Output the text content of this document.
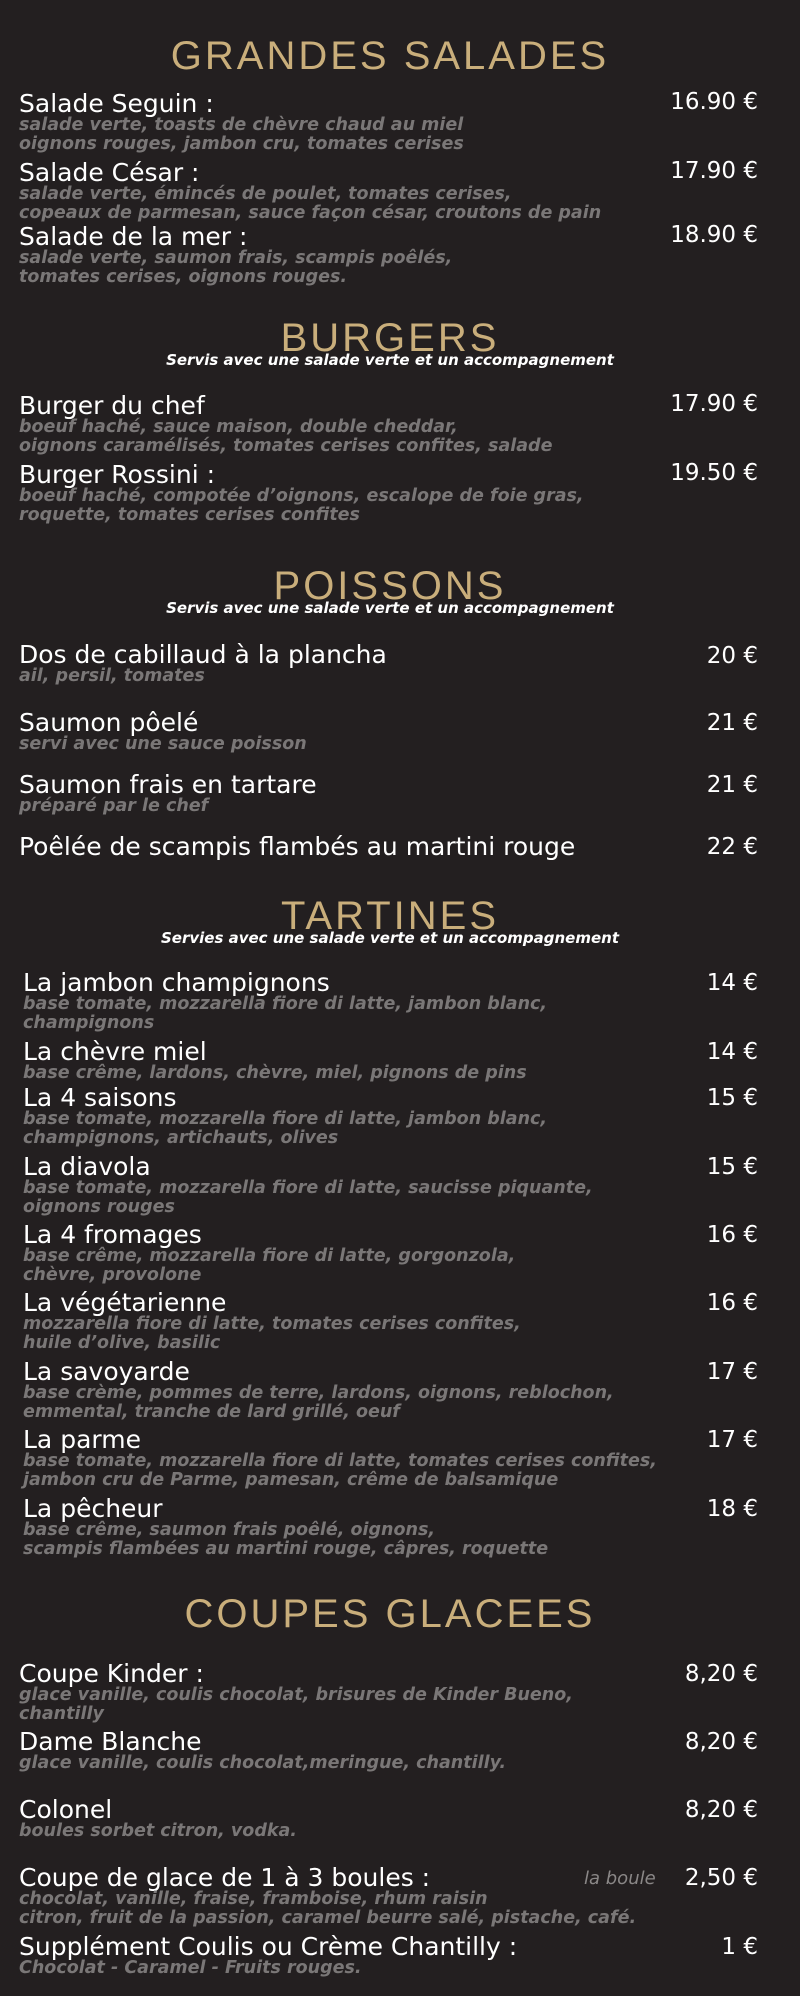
GRANDES SALADES
Salade Seguin :
salade verte, toasts de chèvre chaud au miel
oignons rouges, jambon cru, tomates cerises
16.90 €
Salade César :
salade verte, émincés de poulet, tomates cerises,
copeaux de parmesan, sauce façon césar, croutons de pain
17.90 €
Salade de la mer :
salade verte, saumon frais, scampis poêlés,
tomates cerises, oignons rouges.
18.90 €
BURGERS
Servis avec une salade verte et un accompagnement
Burger du chef
boeuf haché, sauce maison, double cheddar,
oignons caramélisés, tomates cerises confites, salade
17.90 €
Burger Rossini :
boeuf haché, compotée d’oignons, escalope de foie gras,
roquette, tomates cerises confites
19.50 €
POISSONS
Servis avec une salade verte et un accompagnement
Dos de cabillaud à la plancha
ail, persil, tomates
20 €
Saumon pôelé
servi avec une sauce poisson
21 €
Saumon frais en tartare
préparé par le chef
21 €
Poêlée de scampis flambés au martini rouge	22 €
TARTINES
Servies avec une salade verte et un accompagnement
La jambon champignons
base tomate, mozzarella fiore di latte, jambon blanc,
champignons
14 €
La chèvre miel
base crême, lardons, chèvre, miel, pignons de pins
14 €
La 4 saisons
base tomate, mozzarella fiore di latte, jambon blanc,
champignons, artichauts, olives
15 €
La diavola
base tomate, mozzarella fiore di latte, saucisse piquante,
oignons rouges
15 €
La 4 fromages
base crême, mozzarella fiore di latte, gorgonzola,
chèvre, provolone
16 €
La végétarienne
mozzarella fiore di latte, tomates cerises confites,
huile d’olive, basilic
16 €
La savoyarde
base crème, pommes de terre, lardons, oignons, reblochon,
emmental, tranche de lard grillé, oeuf
17 €
La parme
base tomate, mozzarella fiore di latte, tomates cerises confites,
jambon cru de Parme, pamesan, crême de balsamique
17 €
La pêcheur
base crême, saumon frais poêlé, oignons,
scampis flambées au martini rouge, câpres, roquette
18 €
COUPES GLACEES
Coupe Kinder :
glace vanille, coulis chocolat, brisures de Kinder Bueno,
chantilly
8,20 €
Dame Blanche
glace vanille, coulis chocolat,meringue, chantilly.
8,20 €
Colonel
boules sorbet citron, vodka.
8,20 €
Coupe de glace de 1 à 3 boules :
chocolat, vanille, fraise, framboise, rhum raisin
citron, fruit de la passion, caramel beurre salé, pistache, café.
la boule 2,50 €
Supplément Coulis ou Crème Chantilly :
Chocolat - Caramel - Fruits rouges.
1 €
